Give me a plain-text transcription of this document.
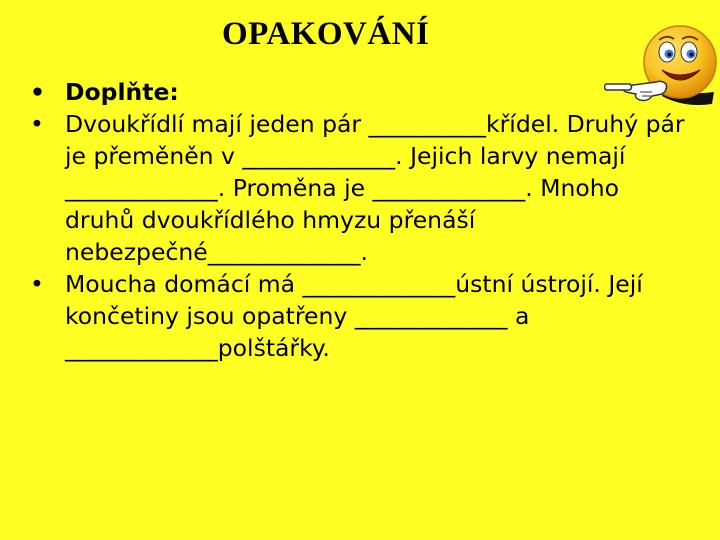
OPAKOVÁNÍ
• Doplňte:
• Dvoukřídlí mají jeden pár __________křídel. Druhý pár je přeměněn v _____________. Jejich larvy nemají _____________. Proměna je _____________. Mnoho druhů dvoukřídlého hmyzu přenáší nebezpečné_____________.
• Moucha domácí má _____________ústní ústrojí. Její končetiny jsou opatřeny _____________ a _____________polštářky.
